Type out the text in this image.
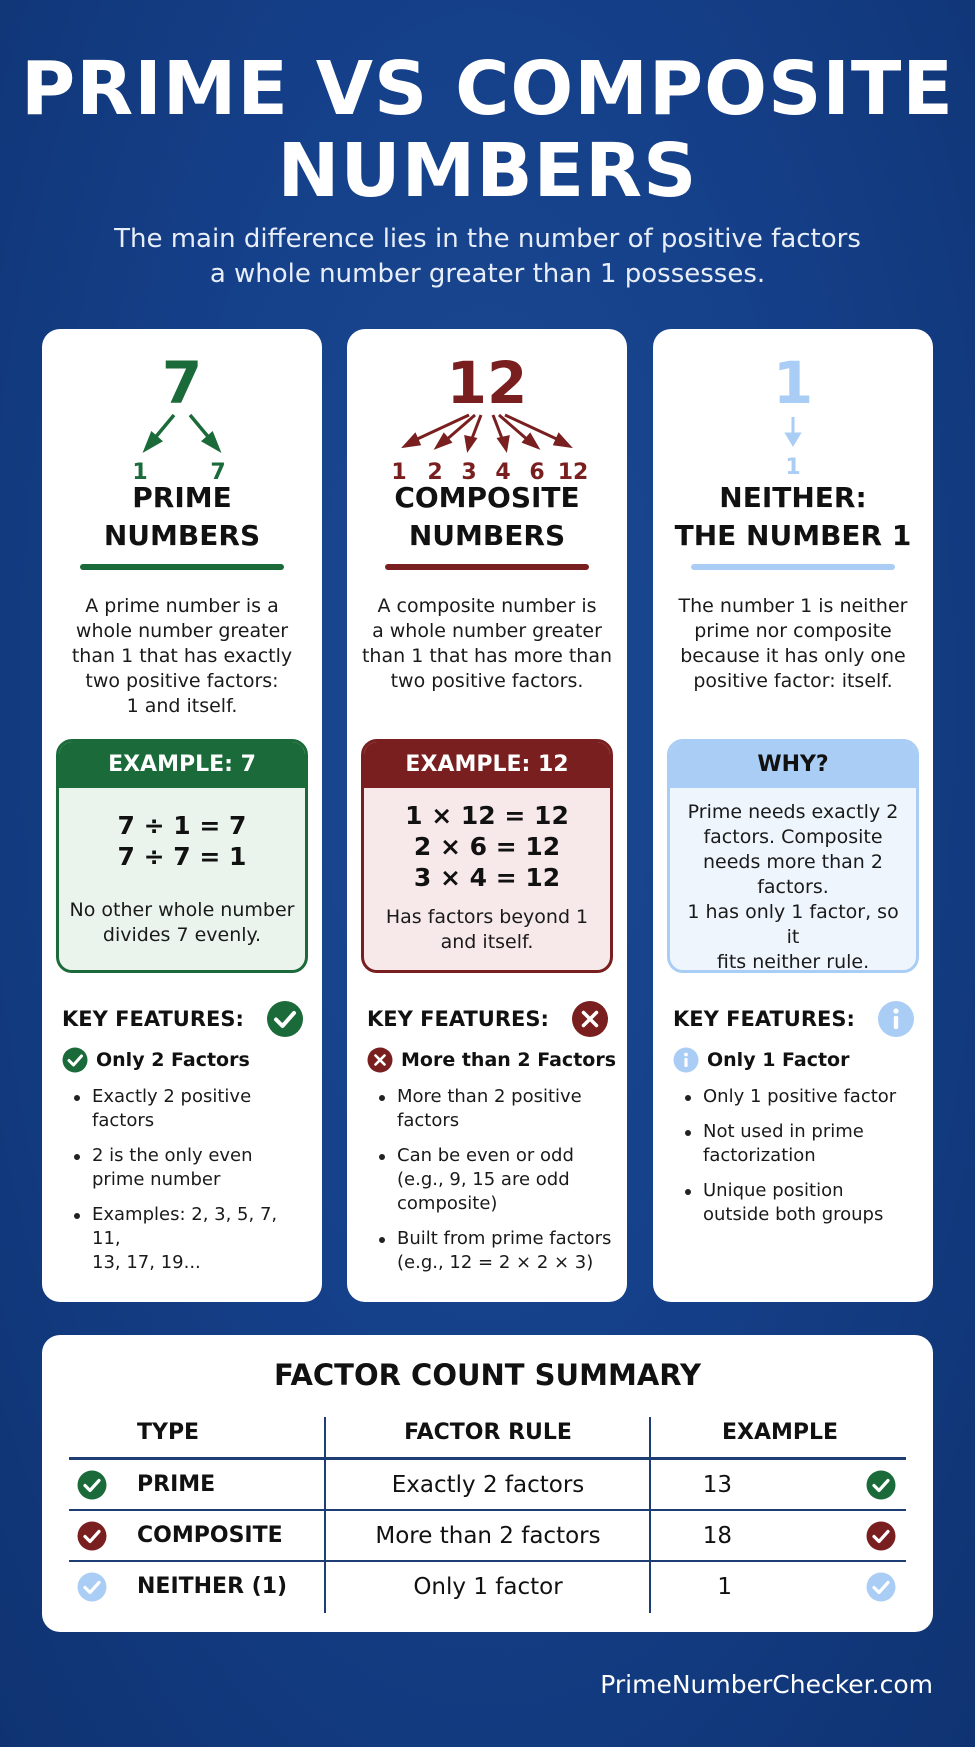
PRIME VS COMPOSITE
NUMBERS
The main difference lies in the number of positive factors
a whole number greater than 1 possesses.
7
1	7
PRIME
NUMBERS
A prime number is a
whole number greater
than 1 that has exactly
two positive factors:
1 and itself.
EXAMPLE: 7
7 ÷ 1 = 7
7 ÷ 7 = 1
No other whole number
divides 7 evenly.
KEY FEATURES:
Only 2 Factors
Exactly 2 positive
factors
2 is the only even
prime number
Examples: 2, 3, 5, 7, 11,
13, 17, 19...
12
1 2 3 4 6 12
COMPOSITE
NUMBERS
A composite number is
a whole number greater
than 1 that has more than
two positive factors.
EXAMPLE: 12
1 × 12 = 12
2 × 6 = 12
3 × 4 = 12
Has factors beyond 1
and itself.
KEY FEATURES:
More than 2 Factors
More than 2 positive
factors
Can be even or odd
(e.g., 9, 15 are odd
composite)
Built from prime factors
(e.g., 12 = 2 × 2 × 3)
1
1
NEITHER:
THE NUMBER 1
The number 1 is neither
prime nor composite
because it has only one
positive factor: itself.
WHY?
Prime needs exactly 2
factors. Composite
needs more than 2
factors.
1 has only 1 factor, so it
fits neither rule.
KEY FEATURES:
Only 1 Factor
Only 1 positive factor
Not used in prime
factorization
Unique position
outside both groups
FACTOR COUNT SUMMARY
TYPE	FACTOR RULE	EXAMPLE
PRIME	Exactly 2 factors	13
COMPOSITE	More than 2 factors	18
NEITHER (1)	Only 1 factor	1
PrimeNumberChecker.com
